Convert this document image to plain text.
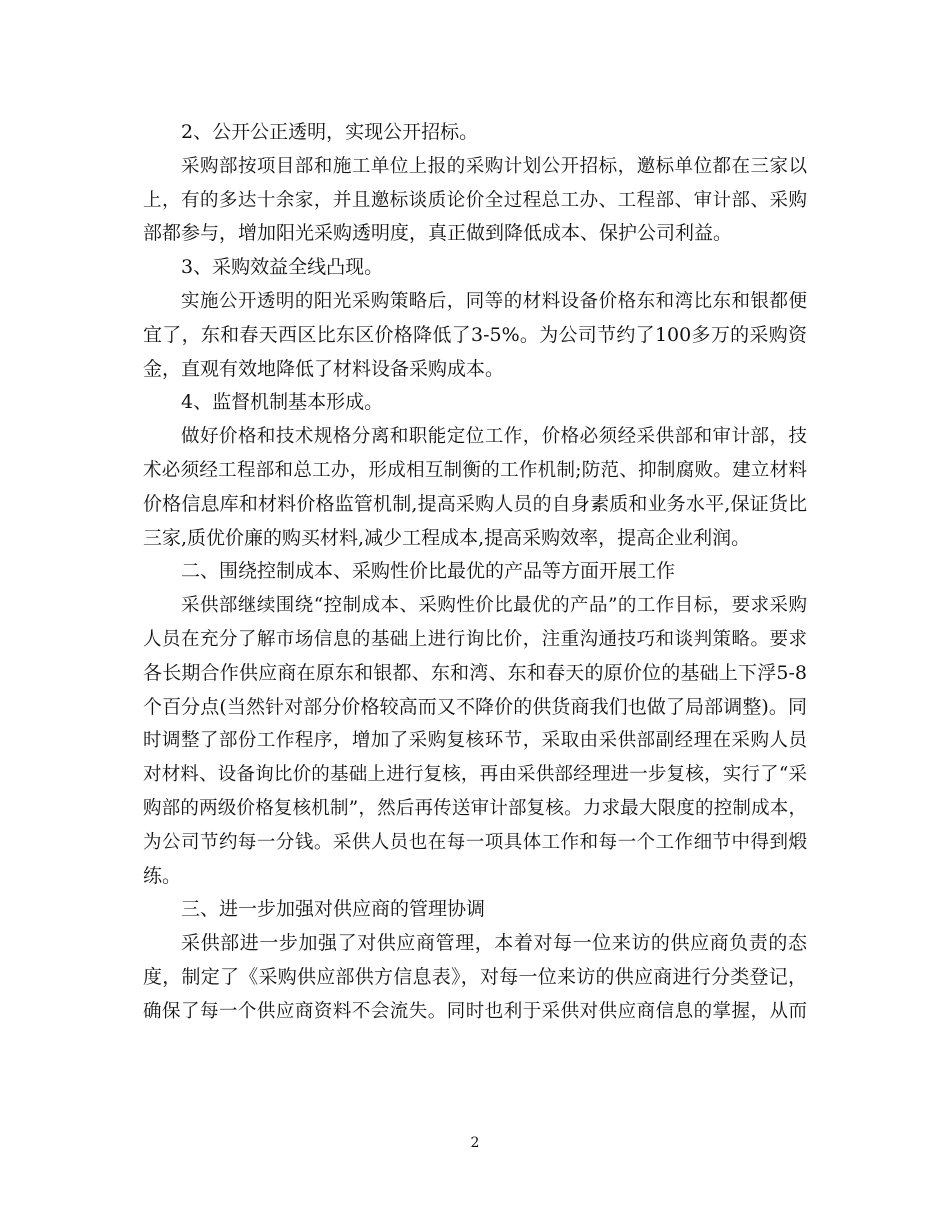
2、公开公正透明，实现公开招标。
采购部按项目部和施工单位上报的采购计划公开招标，邀标单位都在三家以
上，有的多达十余家，并且邀标谈质论价全过程总工办、工程部、审计部、采购
部都参与，增加阳光采购透明度，真正做到降低成本、保护公司利益。
3、采购效益全线凸现。
实施公开透明的阳光采购策略后，同等的材料设备价格东和湾比东和银都便
宜了，东和春天西区比东区价格降低了3-5%。为公司节约了100多万的采购资
金，直观有效地降低了材料设备采购成本。
4、监督机制基本形成。
做好价格和技术规格分离和职能定位工作，价格必须经采供部和审计部，技
术必须经工程部和总工办，形成相互制衡的工作机制;防范、抑制腐败。建立材料
价格信息库和材料价格监管机制,提高采购人员的自身素质和业务水平,保证货比
三家,质优价廉的购买材料,减少工程成本,提高采购效率，提高企业利润。
二、围绕控制成本、采购性价比最优的产品等方面开展工作
采供部继续围绕“控制成本、采购性价比最优的产品”的工作目标，要求采购
人员在充分了解市场信息的基础上进行询比价，注重沟通技巧和谈判策略。要求
各长期合作供应商在原东和银都、东和湾、东和春天的原价位的基础上下浮5-8
个百分点(当然针对部分价格较高而又不降价的供货商我们也做了局部调整)。同
时调整了部份工作程序，增加了采购复核环节，采取由采供部副经理在采购人员
对材料、设备询比价的基础上进行复核，再由采供部经理进一步复核，实行了“采
购部的两级价格复核机制”，然后再传送审计部复核。力求最大限度的控制成本，
为公司节约每一分钱。采供人员也在每一项具体工作和每一个工作细节中得到煅
练。
三、进一步加强对供应商的管理协调
采供部进一步加强了对供应商管理，本着对每一位来访的供应商负责的态
度，制定了《采购供应部供方信息表》，对每一位来访的供应商进行分类登记，
确保了每一个供应商资料不会流失。同时也利于采供对供应商信息的掌握，从而
2
